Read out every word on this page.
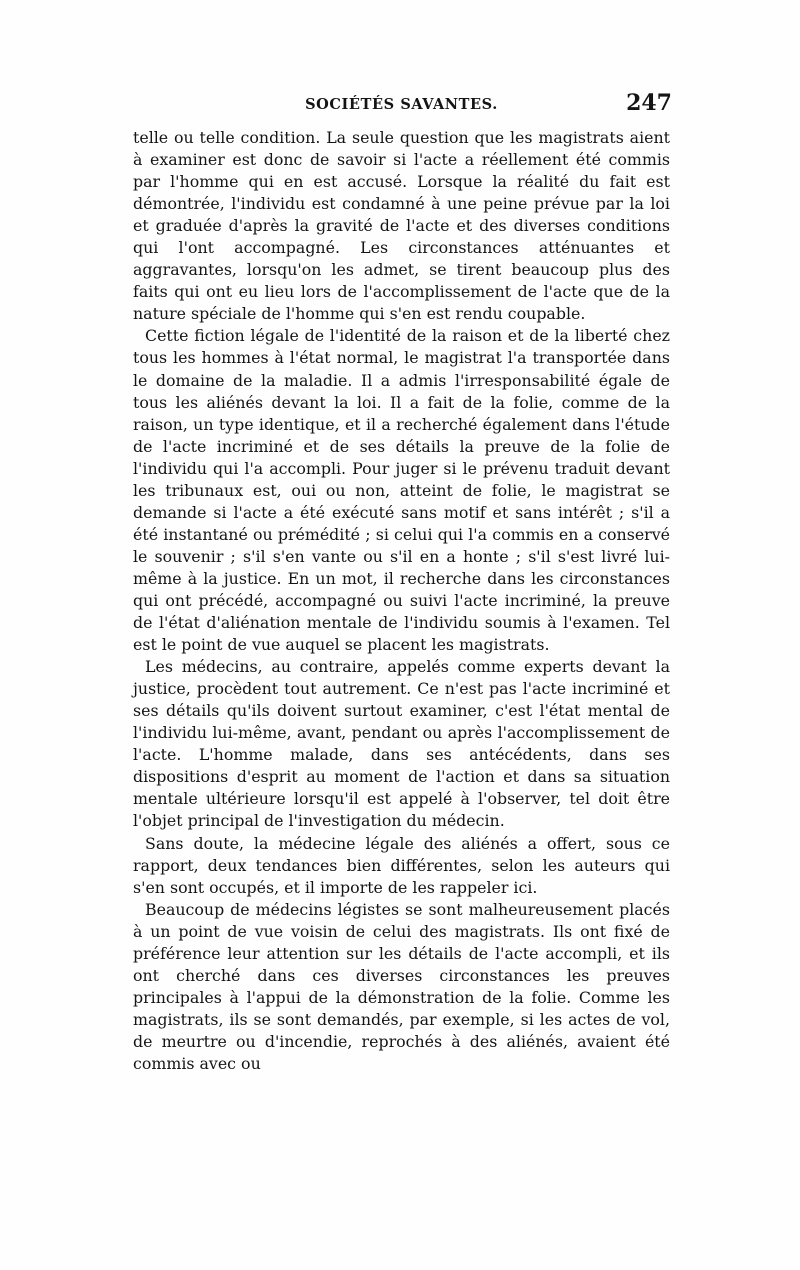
SOCIÉTÉS SAVANTES.	247

telle ou telle condition. La seule question que les magistrats aient à examiner est donc de savoir si l'acte a réellement été commis par l'homme qui en est accusé. Lorsque la réalité du fait est démontrée, l'individu est condamné à une peine prévue par la loi et graduée d'après la gravité de l'acte et des diverses conditions qui l'ont accompagné. Les circonstances atténuantes et aggravantes, lorsqu'on les admet, se tirent beaucoup plus des faits qui ont eu lieu lors de l'accomplissement de l'acte que de la nature spéciale de l'homme qui s'en est rendu coupable.

Cette fiction légale de l'identité de la raison et de la liberté chez tous les hommes à l'état normal, le magistrat l'a transportée dans le domaine de la maladie. Il a admis l'irresponsabilité égale de tous les aliénés devant la loi. Il a fait de la folie, comme de la raison, un type identique, et il a recherché également dans l'étude de l'acte incriminé et de ses détails la preuve de la folie de l'individu qui l'a accompli. Pour juger si le prévenu traduit devant les tribunaux est, oui ou non, atteint de folie, le magistrat se demande si l'acte a été exécuté sans motif et sans intérêt ; s'il a été instantané ou prémédité ; si celui qui l'a commis en a conservé le souvenir ; s'il s'en vante ou s'il en a honte ; s'il s'est livré lui-même à la justice. En un mot, il recherche dans les circonstances qui ont précédé, accompagné ou suivi l'acte incriminé, la preuve de l'état d'aliénation mentale de l'individu soumis à l'examen. Tel est le point de vue auquel se placent les magistrats.

Les médecins, au contraire, appelés comme experts devant la justice, procèdent tout autrement. Ce n'est pas l'acte incriminé et ses détails qu'ils doivent surtout examiner, c'est l'état mental de l'individu lui-même, avant, pendant ou après l'accomplissement de l'acte. L'homme malade, dans ses antécédents, dans ses dispositions d'esprit au moment de l'action et dans sa situation mentale ultérieure lorsqu'il est appelé à l'observer, tel doit être l'objet principal de l'investigation du médecin.

Sans doute, la médecine légale des aliénés a offert, sous ce rapport, deux tendances bien différentes, selon les auteurs qui s'en sont occupés, et il importe de les rappeler ici.

Beaucoup de médecins légistes se sont malheureusement placés à un point de vue voisin de celui des magistrats. Ils ont fixé de préférence leur attention sur les détails de l'acte accompli, et ils ont cherché dans ces diverses circonstances les preuves principales à l'appui de la démonstration de la folie. Comme les magistrats, ils se sont demandés, par exemple, si les actes de vol, de meurtre ou d'incendie, reprochés à des aliénés, avaient été commis avec ou
